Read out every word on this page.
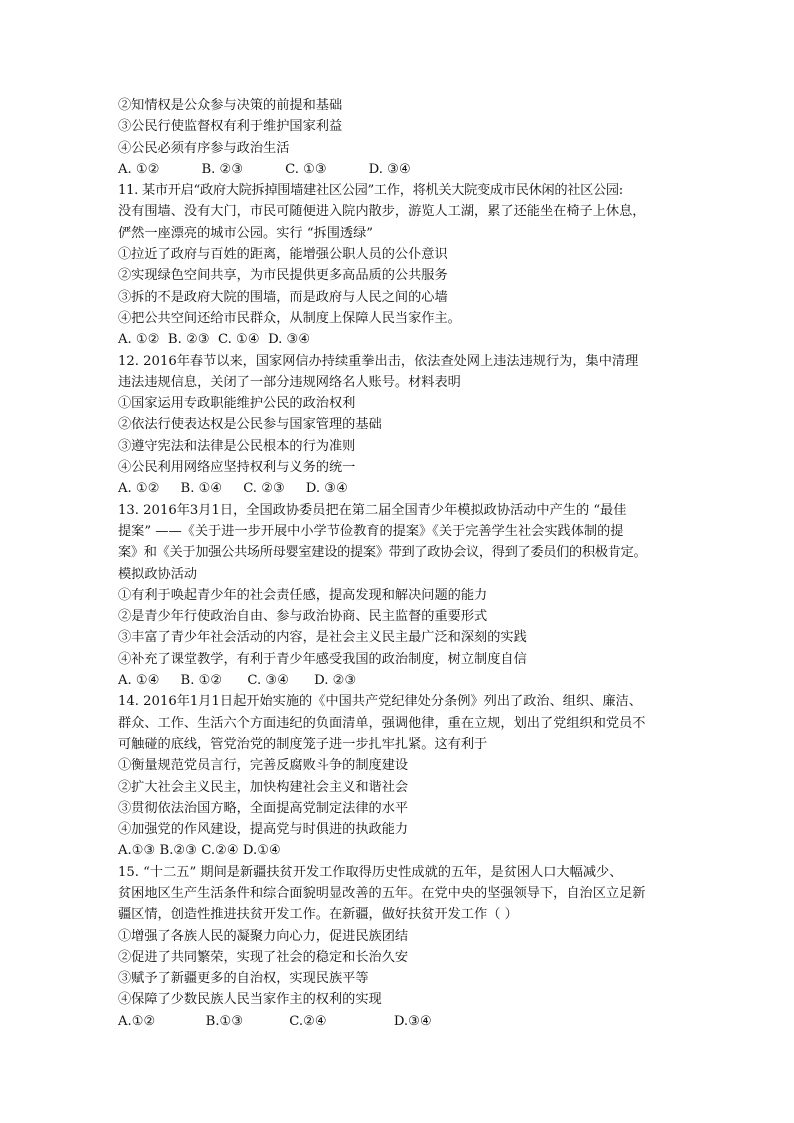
②知情权是公众参与决策的前提和基础
③公民行使监督权有利于维护国家利益
④公民必须有序参与政治生活
A. ①②          B. ②③          C. ①③          D. ③④
11. 某市开启“政府大院拆掉围墙建社区公园”工作，将机关大院变成市民休闲的社区公园:
没有围墙、没有大门，市民可随便进入院内散步，游览人工湖，累了还能坐在椅子上休息，
俨然一座漂亮的城市公园。实行 “拆围透绿”
①拉近了政府与百姓的距离，能增强公职人员的公仆意识
②实现绿色空间共享，为市民提供更多高品质的公共服务
③拆的不是政府大院的围墙，而是政府与人民之间的心墙
④把公共空间还给市民群众，从制度上保障人民当家作主。
A. ①②  B. ②③  C. ①④  D. ③④
12. 2016年春节以来，国家网信办持续重拳出击，依法查处网上违法违规行为，集中清理
违法违规信息，关闭了一部分违规网络名人账号。材料表明
①国家运用专政职能维护公民的政治权利
②依法行使表达权是公民参与国家管理的基础
③遵守宪法和法律是公民根本的行为准则
④公民利用网络应坚持权利与义务的统一
A. ①②     B. ①④     C. ②③     D. ③④
13. 2016年3月1日，全国政协委员把在第二届全国青少年模拟政协活动中产生的 “最佳
提案” ——《关于进一步开展中小学节俭教育的提案》《关于完善学生社会实践体制的提
案》和《关于加强公共场所母婴室建设的提案》带到了政协会议，得到了委员们的积极肯定。
模拟政协活动
①有利于唤起青少年的社会责任感，提高发现和解决问题的能力
②是青少年行使政治自由、参与政治协商、民主监督的重要形式
③丰富了青少年社会活动的内容，是社会主义民主最广泛和深刻的实践
④补充了课堂教学，有利于青少年感受我国的政治制度，树立制度自信
A. ①④     B. ①②      C. ③④      D. ②③
14. 2016年1月1日起开始实施的《中国共产党纪律处分条例》列出了政治、组织、廉洁、
群众、工作、生活六个方面违纪的负面清单，强调他律，重在立规，划出了党组织和党员不
可触碰的底线，管党治党的制度笼子进一步扎牢扎紧。这有利于
①衡量规范党员言行，完善反腐败斗争的制度建设
②扩大社会主义民主，加快构建社会主义和谐社会
③贯彻依法治国方略，全面提高党制定法律的水平
④加强党的作风建设，提高党与时俱进的执政能力
A.①③ B.②③ C.②④ D.①④
15. “十二五” 期间是新疆扶贫开发工作取得历史性成就的五年，是贫困人口大幅减少、
贫困地区生产生活条件和综合面貌明显改善的五年。在党中央的坚强领导下，自治区立足新
疆区情，创造性推进扶贫开发工作。在新疆，做好扶贫开发工作（ ）
①增强了各族人民的凝聚力向心力，促进民族团结
②促进了共同繁荣，实现了社会的稳定和长治久安
③赋予了新疆更多的自治权，实现民族平等
④保障了少数民族人民当家作主的权利的实现
A.①②            B.①③           C.②④                D.③④
